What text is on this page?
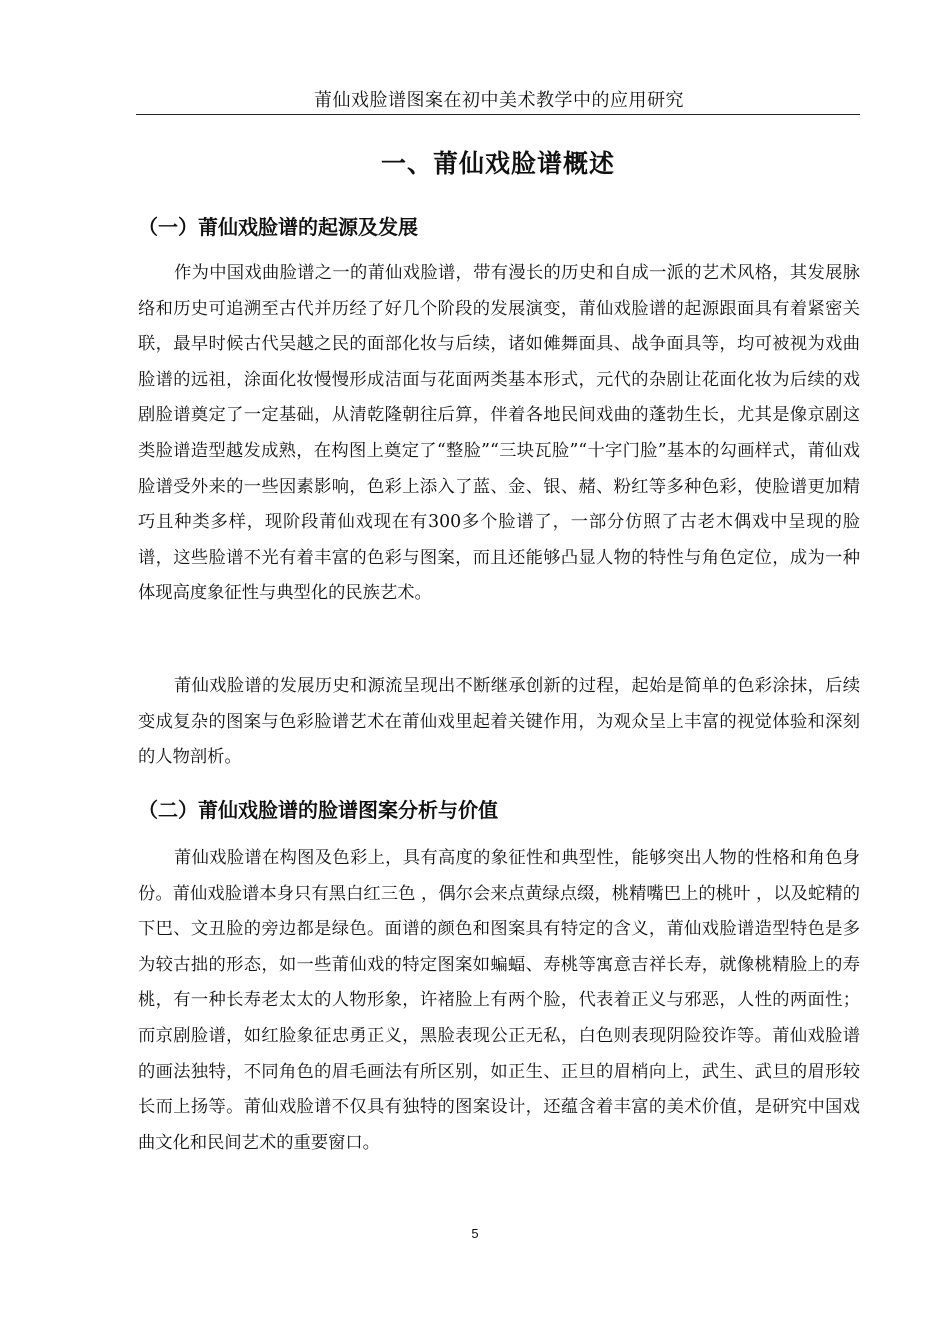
莆仙戏脸谱图案在初中美术教学中的应用研究
一、莆仙戏脸谱概述
（一）莆仙戏脸谱的起源及发展

作为中国戏曲脸谱之一的莆仙戏脸谱，带有漫长的历史和自成一派的艺术风格，其发展脉络和历史可追溯至古代并历经了好几个阶段的发展演变，莆仙戏脸谱的起源跟面具有着紧密关联，最早时候古代吴越之民的面部化妆与后续，诸如傩舞面具、战争面具等，均可被视为戏曲脸谱的远祖，涂面化妆慢慢形成洁面与花面两类基本形式，元代的杂剧让花面化妆为后续的戏剧脸谱奠定了一定基础，从清乾隆朝往后算，伴着各地民间戏曲的蓬勃生长，尤其是像京剧这类脸谱造型越发成熟，在构图上奠定了“整脸”“三块瓦脸”“十字门脸”基本的勾画样式，莆仙戏脸谱受外来的一些因素影响，色彩上添入了蓝、金、银、赭、粉红等多种色彩，使脸谱更加精巧且种类多样，现阶段莆仙戏现在有300多个脸谱了，一部分仿照了古老木偶戏中呈现的脸谱，这些脸谱不光有着丰富的色彩与图案，而且还能够凸显人物的特性与角色定位，成为一种体现高度象征性与典型化的民族艺术。

莆仙戏脸谱的发展历史和源流呈现出不断继承创新的过程，起始是简单的色彩涂抹，后续变成复杂的图案与色彩脸谱艺术在莆仙戏里起着关键作用，为观众呈上丰富的视觉体验和深刻的人物剖析。

（二）莆仙戏脸谱的脸谱图案分析与价值

莆仙戏脸谱在构图及色彩上，具有高度的象征性和典型性，能够突出人物的性格和角色身份。莆仙戏脸谱本身只有黑白红三色 ，偶尔会来点黄绿点缀，桃精嘴巴上的桃叶 ，以及蛇精的下巴、文丑脸的旁边都是绿色。面谱的颜色和图案具有特定的含义，莆仙戏脸谱造型特色是多为较古拙的形态，如一些莆仙戏的特定图案如蝙蝠、寿桃等寓意吉祥长寿，就像桃精脸上的寿桃，有一种长寿老太太的人物形象，许褚脸上有两个脸，代表着正义与邪恶，人性的两面性；而京剧脸谱，如红脸象征忠勇正义，黑脸表现公正无私，白色则表现阴险狡诈等。莆仙戏脸谱的画法独特，不同角色的眉毛画法有所区别，如正生、正旦的眉梢向上，武生、武旦的眉形较长而上扬等。莆仙戏脸谱不仅具有独特的图案设计，还蕴含着丰富的美术价值，是研究中国戏曲文化和民间艺术的重要窗口。

5
